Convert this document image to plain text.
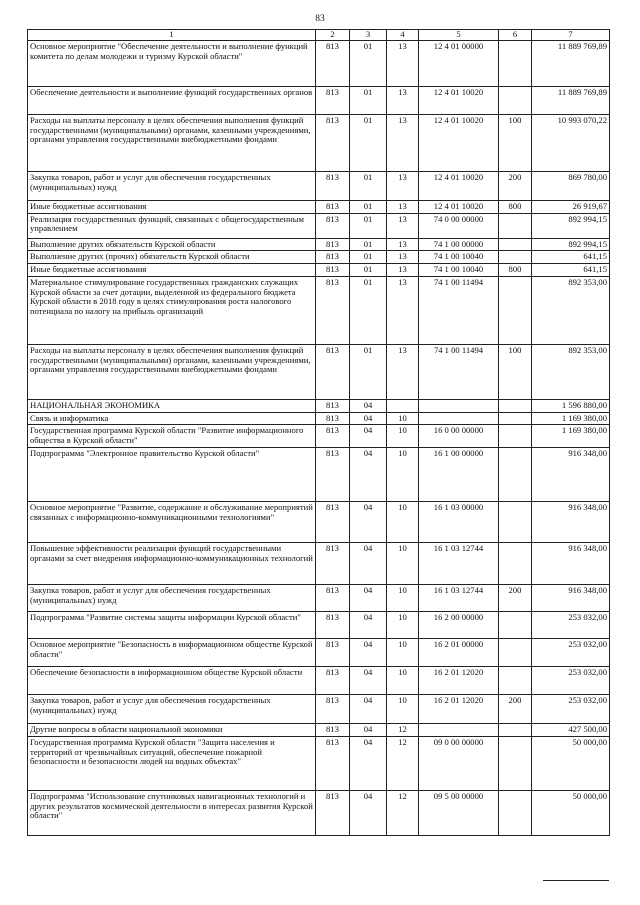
83
1	2	3	4	5	6	7
Основное мероприятие "Обеспечение деятельности и выполнение функций комитета по делам молодежи и туризму Курской области"	813	01	13	12 4 01 00000		11 889 769,89
Обеспечение деятельности и выполнение функций государственных органов	813	01	13	12 4 01 10020		11 889 769,89
Расходы на выплаты персоналу в целях обеспечения выполнения функций государственными (муниципальными) органами, казенными учреждениями, органами управления государственными внебюджетными фондами	813	01	13	12 4 01 10020	100	10 993 070,22
Закупка товаров, работ и услуг для обеспечения государственных (муниципальных) нужд	813	01	13	12 4 01 10020	200	869 780,00
Иные бюджетные ассигнования	813	01	13	12 4 01 10020	800	26 919,67
Реализация государственных функций, связанных с общегосударственным управлением	813	01	13	74 0 00 00000		892 994,15
Выполнение других обязательств Курской области	813	01	13	74 1 00 00000		892 994,15
Выполнение других (прочих) обязательств Курской области	813	01	13	74 1 00 10040		641,15
Иные бюджетные ассигнования	813	01	13	74 1 00 10040	800	641,15
Материальное стимулирование государственных гражданских служащих Курской области за счет дотации, выделенной из федерального бюджета Курской области в 2018 году в целях стимулирования роста налогового потенциала по налогу на прибыль организаций	813	01	13	74 1 00 11494		892 353,00
Расходы на выплаты персоналу в целях обеспечения выполнения функций государственными (муниципальными) органами, казенными учреждениями, органами управления государственными внебюджетными фондами	813	01	13	74 1 00 11494	100	892 353,00
НАЦИОНАЛЬНАЯ ЭКОНОМИКА	813	04				1 596 880,00
Связь и информатика	813	04	10			1 169 380,00
Государственная программа Курской области "Развитие информационного общества в Курской области"	813	04	10	16 0 00 00000		1 169 380,00
Подпрограмма "Электронное правительство Курской области"	813	04	10	16 1 00 00000		916 348,00
Основное мероприятие "Развитие, содержание и обслуживание мероприятий связанных с информационно-коммуникационными технологиями"	813	04	10	16 1 03 00000		916 348,00
Повышение эффективности реализации функций государственными органами за счет внедрения информационно-коммуникационных технологий	813	04	10	16 1 03 12744		916 348,00
Закупка товаров, работ и услуг для обеспечения государственных (муниципальных) нужд	813	04	10	16 1 03 12744	200	916 348,00
Подпрограмма "Развитие системы защиты информации Курской области"	813	04	10	16 2 00 00000		253 032,00
Основное мероприятие "Безопасность в информационном обществе Курской области"	813	04	10	16 2 01 00000		253 032,00
Обеспечение безопасности в информационном обществе Курской области	813	04	10	16 2 01 12020		253 032,00
Закупка товаров, работ и услуг для обеспечения государственных (муниципальных) нужд	813	04	10	16 2 01 12020	200	253 032,00
Другие вопросы в области национальной экономики	813	04	12			427 500,00
Государственная программа Курской области "Защита населения и территорий от чрезвычайных ситуаций, обеспечение пожарной безопасности и безопасности людей на водных объектах"	813	04	12	09 0 00 00000		50 000,00
Подпрограмма "Использование спутниковых навигационных технологий и других результатов космической деятельности в интересах развития Курской области"	813	04	12	09 5 00 00000		50 000,00
